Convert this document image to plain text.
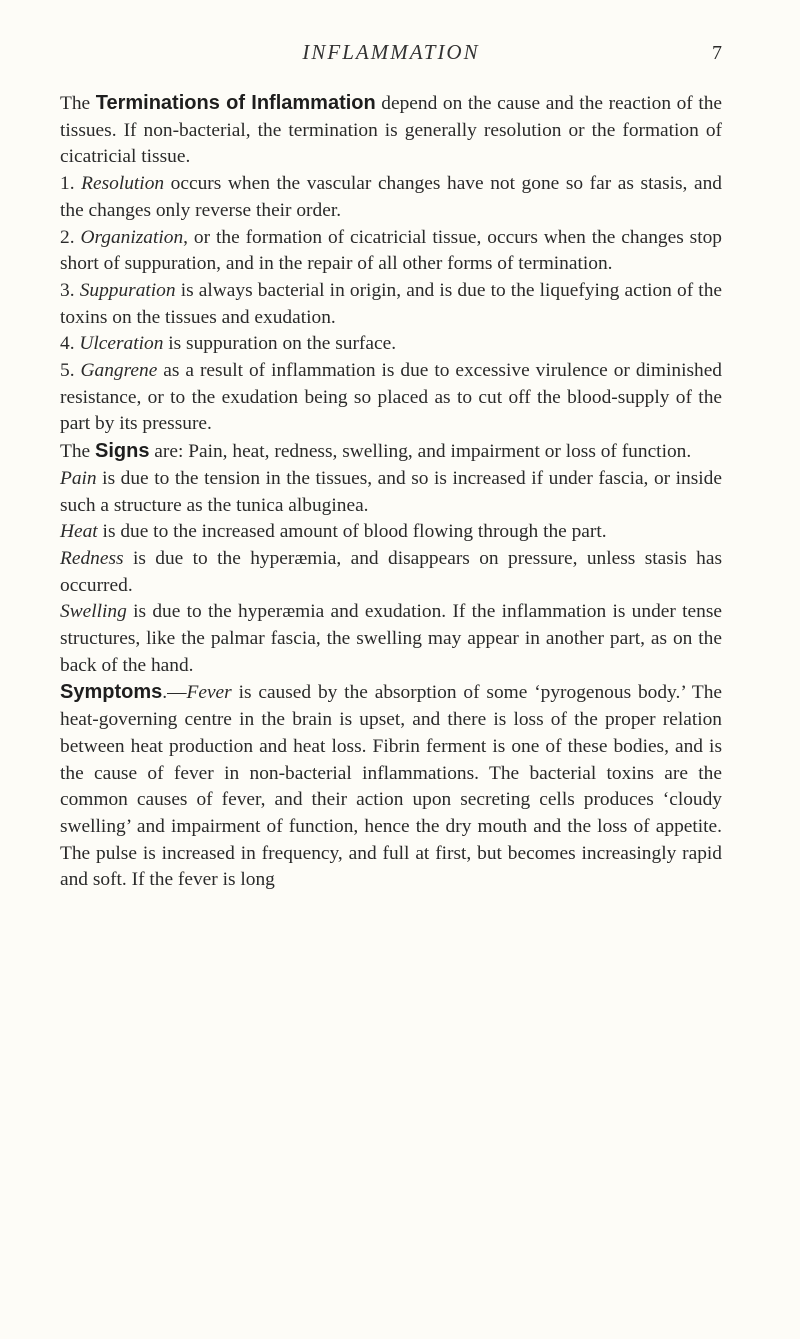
INFLAMMATION	7

The Terminations of Inflammation depend on the cause and the reaction of the tissues. If non-bacterial, the termination is generally resolution or the formation of cicatricial tissue.

1. Resolution occurs when the vascular changes have not gone so far as stasis, and the changes only reverse their order.

2. Organization, or the formation of cicatricial tissue, occurs when the changes stop short of suppuration, and in the repair of all other forms of termination.

3. Suppuration is always bacterial in origin, and is due to the liquefying action of the toxins on the tissues and exudation.

4. Ulceration is suppuration on the surface.

5. Gangrene as a result of inflammation is due to excessive virulence or diminished resistance, or to the exudation being so placed as to cut off the blood-supply of the part by its pressure.

The Signs are: Pain, heat, redness, swelling, and impairment or loss of function.

Pain is due to the tension in the tissues, and so is increased if under fascia, or inside such a structure as the tunica albuginea.

Heat is due to the increased amount of blood flowing through the part.

Redness is due to the hyperæmia, and disappears on pressure, unless stasis has occurred.

Swelling is due to the hyperæmia and exudation. If the inflammation is under tense structures, like the palmar fascia, the swelling may appear in another part, as on the back of the hand.

Symptoms.—Fever is caused by the absorption of some ‘pyrogenous body.’ The heat-governing centre in the brain is upset, and there is loss of the proper relation between heat production and heat loss. Fibrin ferment is one of these bodies, and is the cause of fever in non-bacterial inflammations. The bacterial toxins are the common causes of fever, and their action upon secreting cells produces ‘cloudy swelling’ and impairment of function, hence the dry mouth and the loss of appetite. The pulse is increased in frequency, and full at first, but becomes increasingly rapid and soft. If the fever is long
